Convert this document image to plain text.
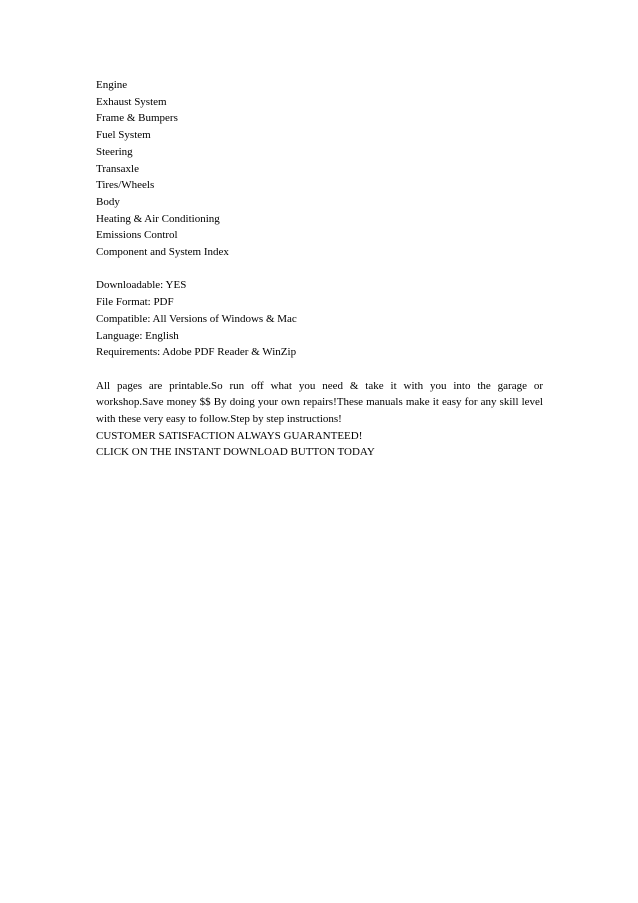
Engine
Exhaust System
Frame & Bumpers
Fuel System
Steering
Transaxle
Tires/Wheels
Body
Heating & Air Conditioning
Emissions Control
Component and System Index
Downloadable: YES
File Format: PDF
Compatible: All Versions of Windows & Mac
Language: English
Requirements: Adobe PDF Reader & WinZip

All pages are printable.So run off what you need & take it with you into the garage or workshop.Save money $$ By doing your own repairs!These manuals make it easy for any skill level with these very easy to follow.Step by step instructions!

CUSTOMER SATISFACTION ALWAYS GUARANTEED!
CLICK ON THE INSTANT DOWNLOAD BUTTON TODAY
